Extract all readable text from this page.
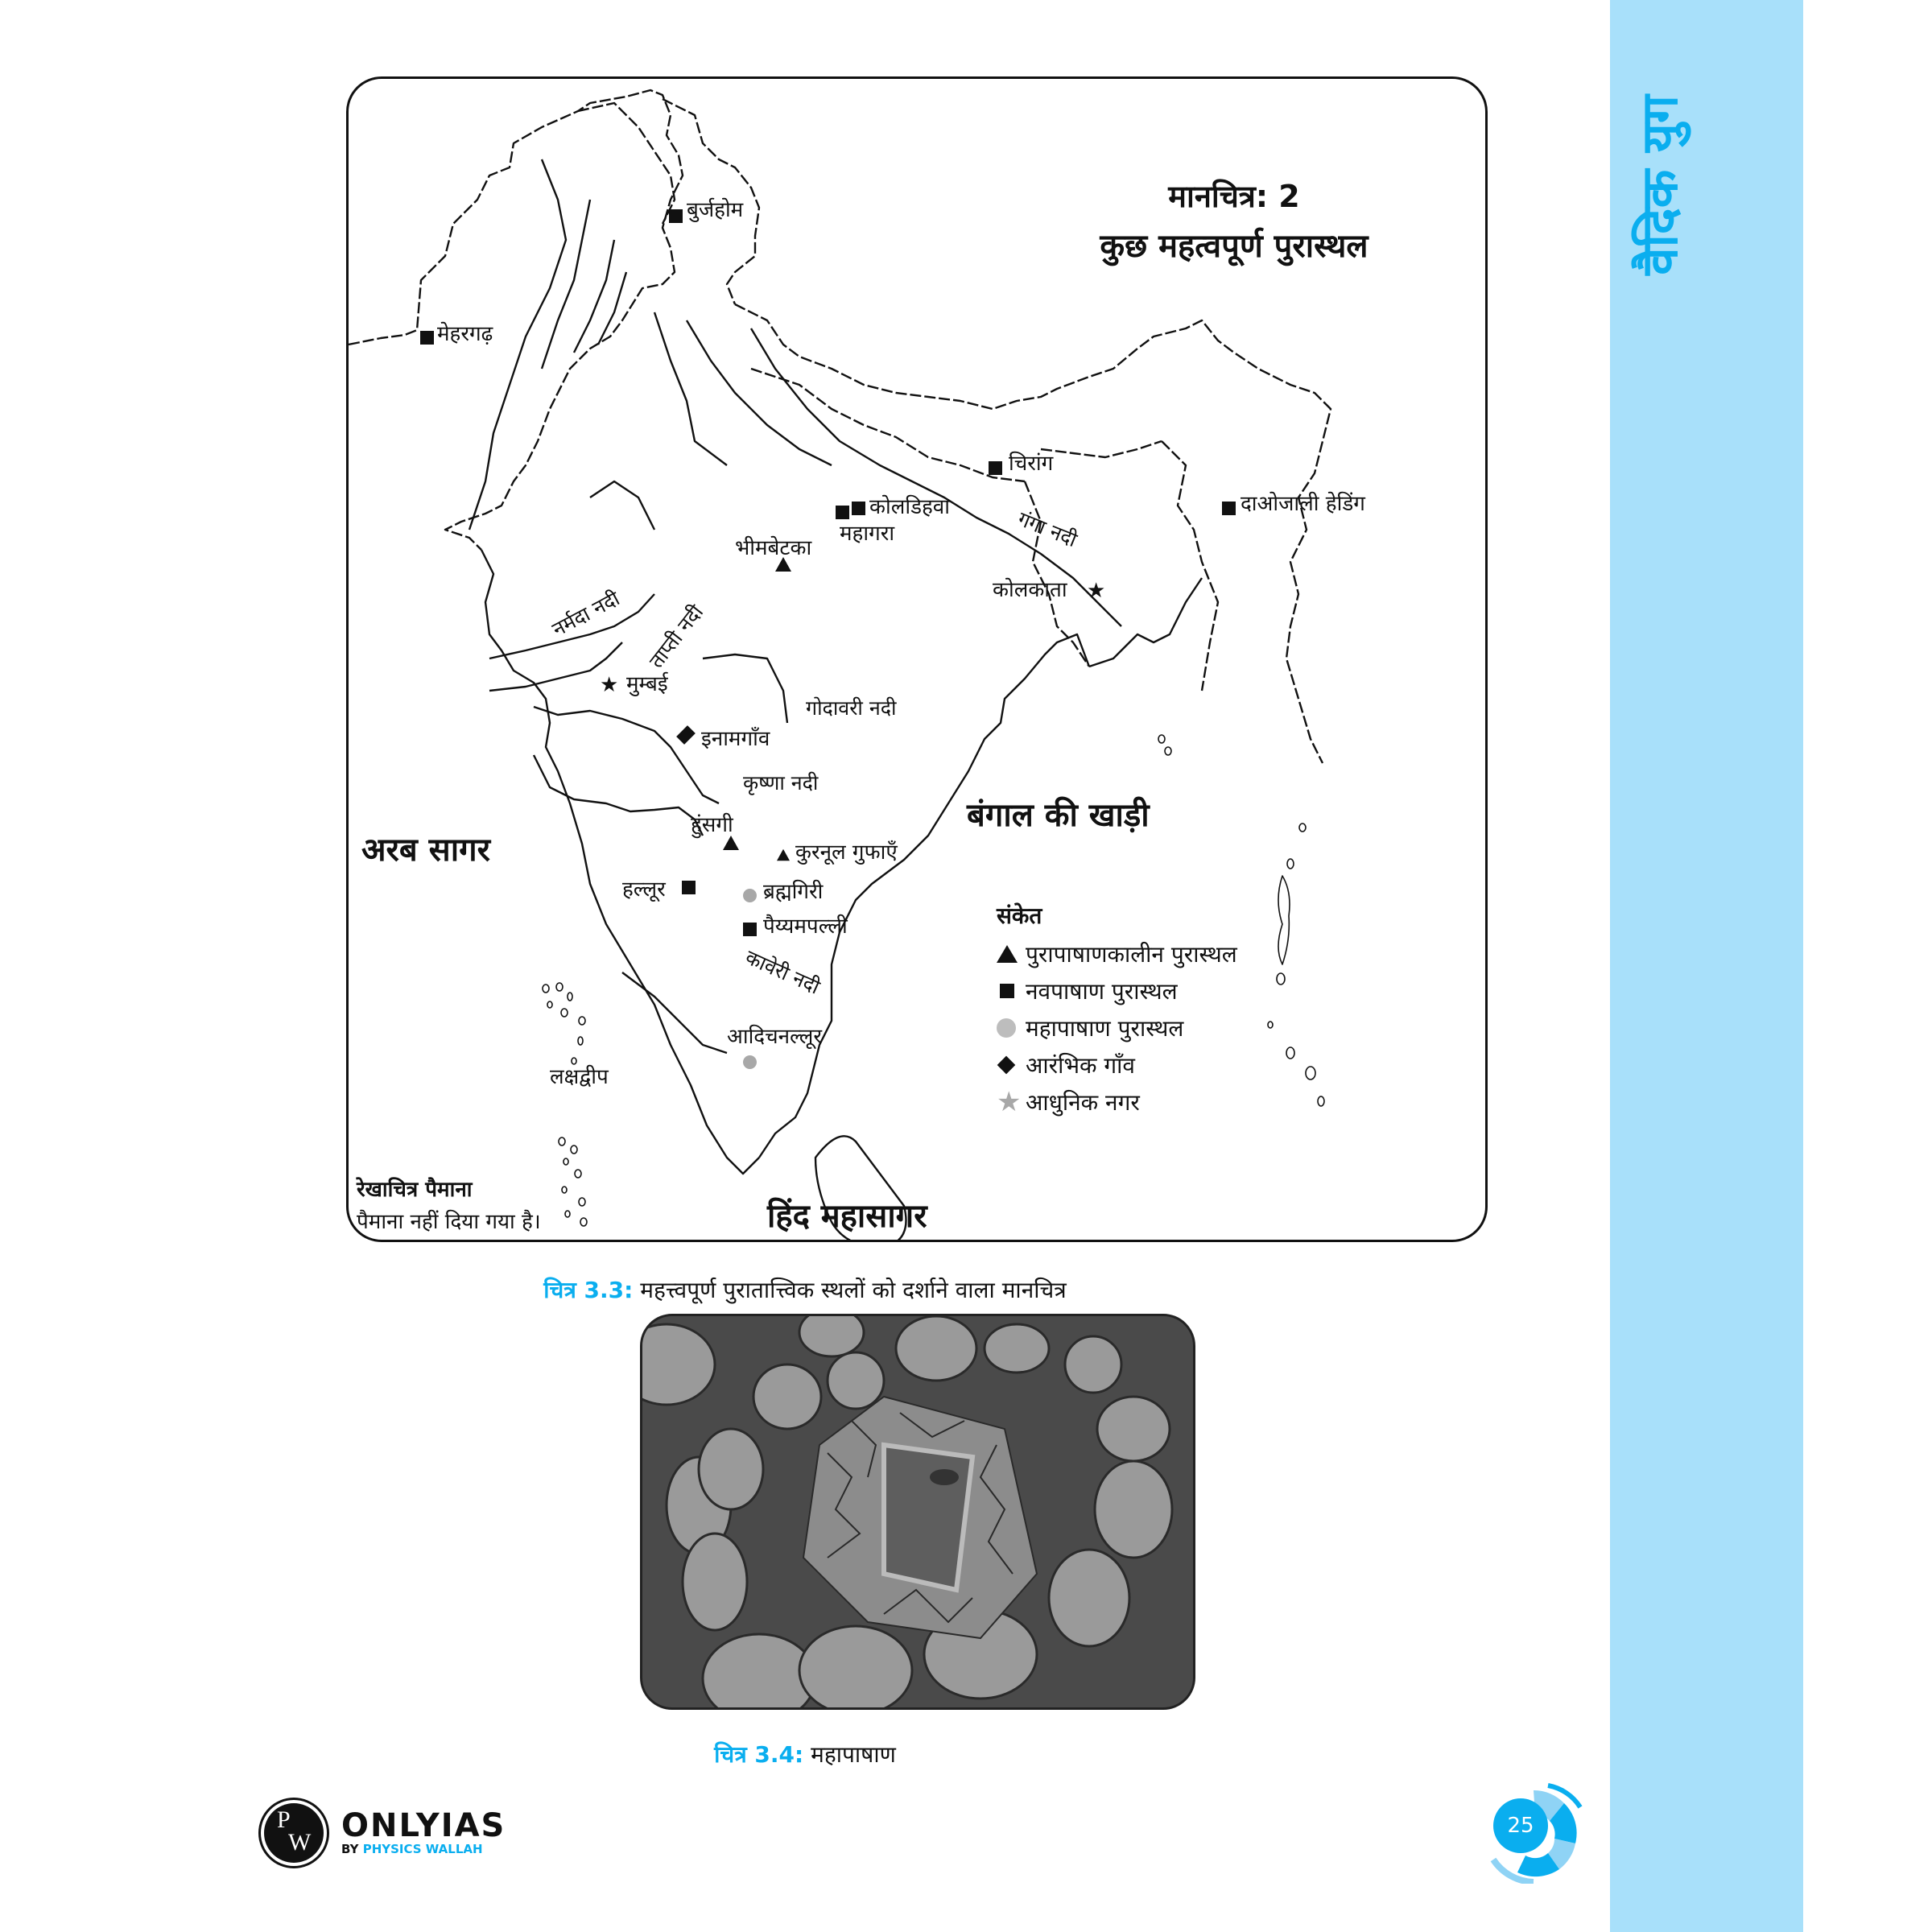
वैदिक युग
मानचित्र: 2
कुछ महत्वपूर्ण पुरास्थल
अरब सागर
बंगाल की खाड़ी
हिंद महासागर
लक्षद्वीप
गंगा नदी
नर्मदा नदी ताप्ती नदी
गोदावरी नदी
कृष्णा नदी
कावेरी नदी
बुर्जहोम
मेहरगढ़
चिरांग
कोलडिहवा
महागरा
दाओजाली हेडिंग
भीमबेटका
कोलकाता ★
★ मुम्बई
इनामगाँव
हुंसगी
कुरनूल गुफाएँ
हल्लूर	ब्रह्मगिरी
पैय्यमपल्ली
आदिचनल्लूर
संकेत
पुरापाषाणकालीन पुरास्थल
नवपाषाण पुरास्थल
महापाषाण पुरास्थल
आरंभिक गाँव
★ आधुनिक नगर
रेखाचित्र पैमाना
पैमाना नहीं दिया गया है।
चित्र 3.3: महत्त्वपूर्ण पुरातात्त्विक स्थलों को दर्शाने वाला मानचित्र
चित्र 3.4: महापाषाण
P
W ONLYIAS
BY PHYSICS WALLAH
25
